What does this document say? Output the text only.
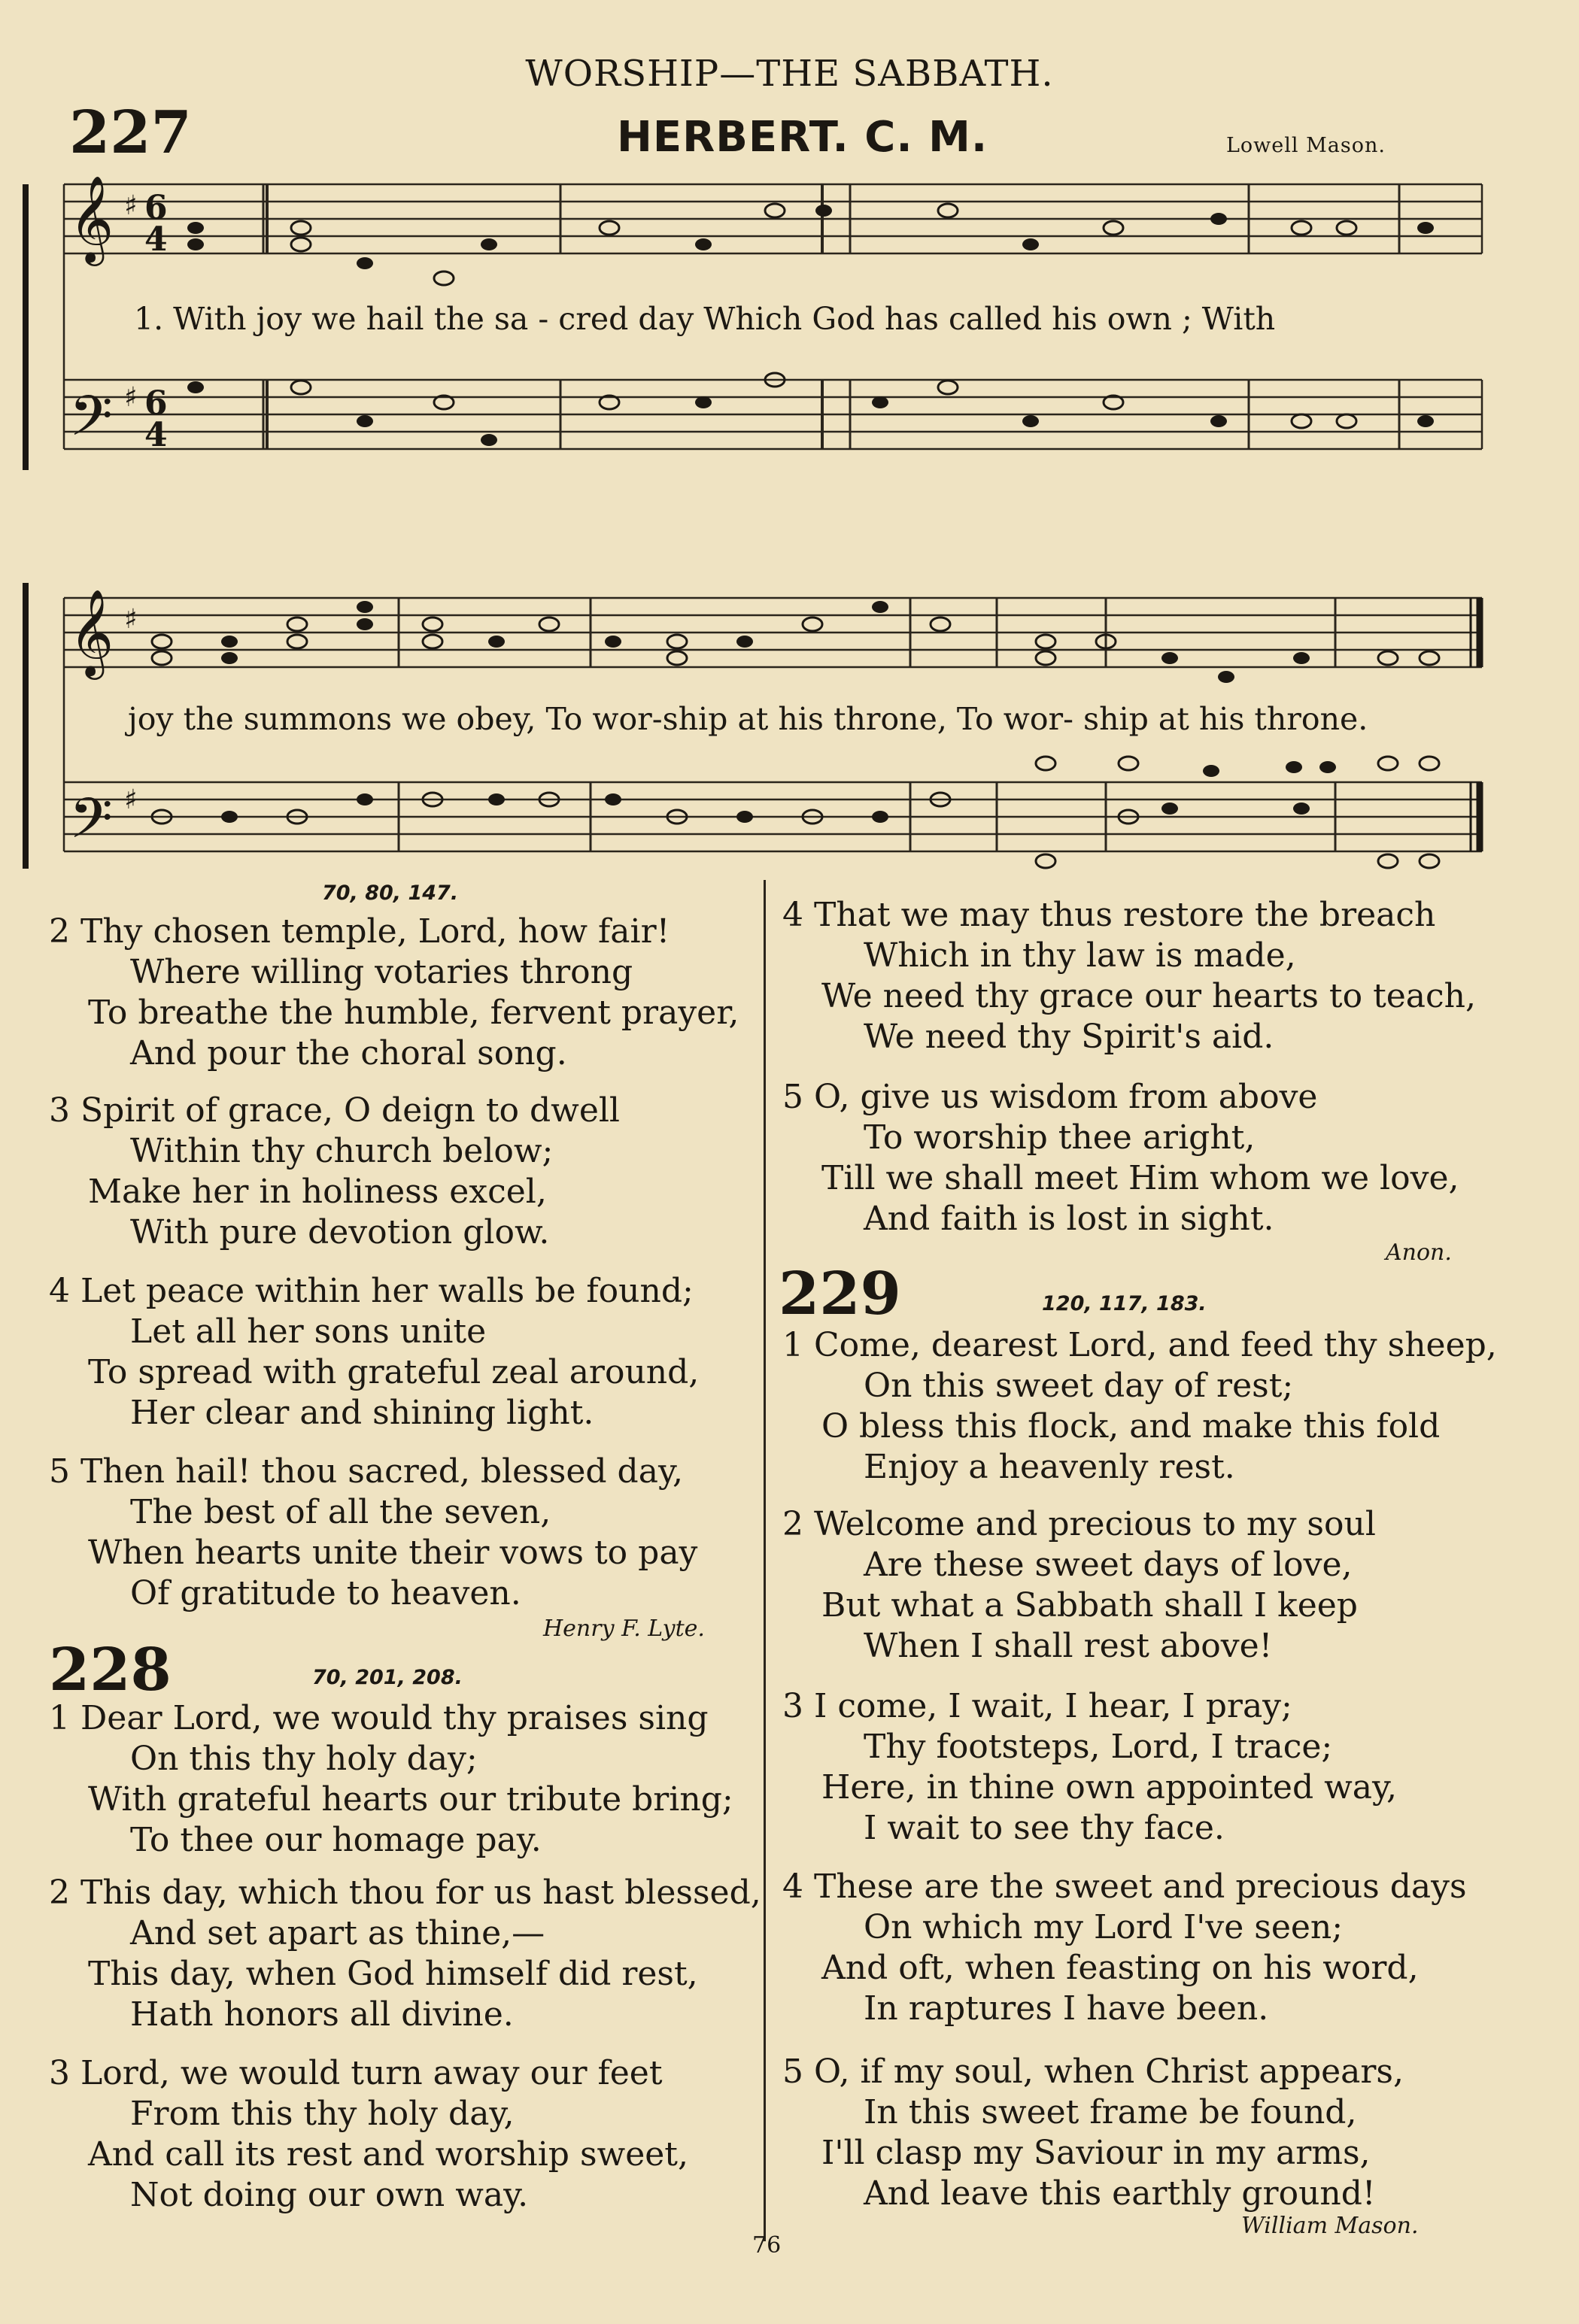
WORSHIP—THE SABBATH.
227	HERBERT. C. M.	Lowell Mason.
𝄞 ♯ 6
4
𝄢 ♯ 6
4
1. With joy we hail the sa - cred day Which God has called his own ; With
𝄞 ♯
𝄢 ♯
joy the summons we obey, To wor-ship at his throne, To wor- ship at his throne.
70, 80, 147.
2 Thy chosen temple, Lord, how fair!
Where willing votaries throng
To breathe the humble, fervent prayer,
And pour the choral song.
3 Spirit of grace, O deign to dwell
Within thy church below;
Make her in holiness excel,
With pure devotion glow.
4 Let peace within her walls be found;
Let all her sons unite
To spread with grateful zeal around,
Her clear and shining light.
5 Then hail! thou sacred, blessed day,
The best of all the seven,
When hearts unite their vows to pay
Of gratitude to heaven.
Henry F. Lyte.
228	70, 201, 208.
1 Dear Lord, we would thy praises sing
On this thy holy day;
With grateful hearts our tribute bring;
To thee our homage pay.
2 This day, which thou for us hast blessed,
And set apart as thine,—
This day, when God himself did rest,
Hath honors all divine.
3 Lord, we would turn away our feet
From this thy holy day,
And call its rest and worship sweet,
Not doing our own way.
4 That we may thus restore the breach
Which in thy law is made,
We need thy grace our hearts to teach,
We need thy Spirit's aid.
5 O, give us wisdom from above
To worship thee aright,
Till we shall meet Him whom we love,
And faith is lost in sight.
Anon.
229	120, 117, 183.
1 Come, dearest Lord, and feed thy sheep,
On this sweet day of rest;
O bless this flock, and make this fold
Enjoy a heavenly rest.
2 Welcome and precious to my soul
Are these sweet days of love,
But what a Sabbath shall I keep
When I shall rest above!
3 I come, I wait, I hear, I pray;
Thy footsteps, Lord, I trace;
Here, in thine own appointed way,
I wait to see thy face.
4 These are the sweet and precious days
On which my Lord I've seen;
And oft, when feasting on his word,
In raptures I have been.
5 O, if my soul, when Christ appears,
In this sweet frame be found,
I'll clasp my Saviour in my arms,
And leave this earthly ground!
William Mason.
76
